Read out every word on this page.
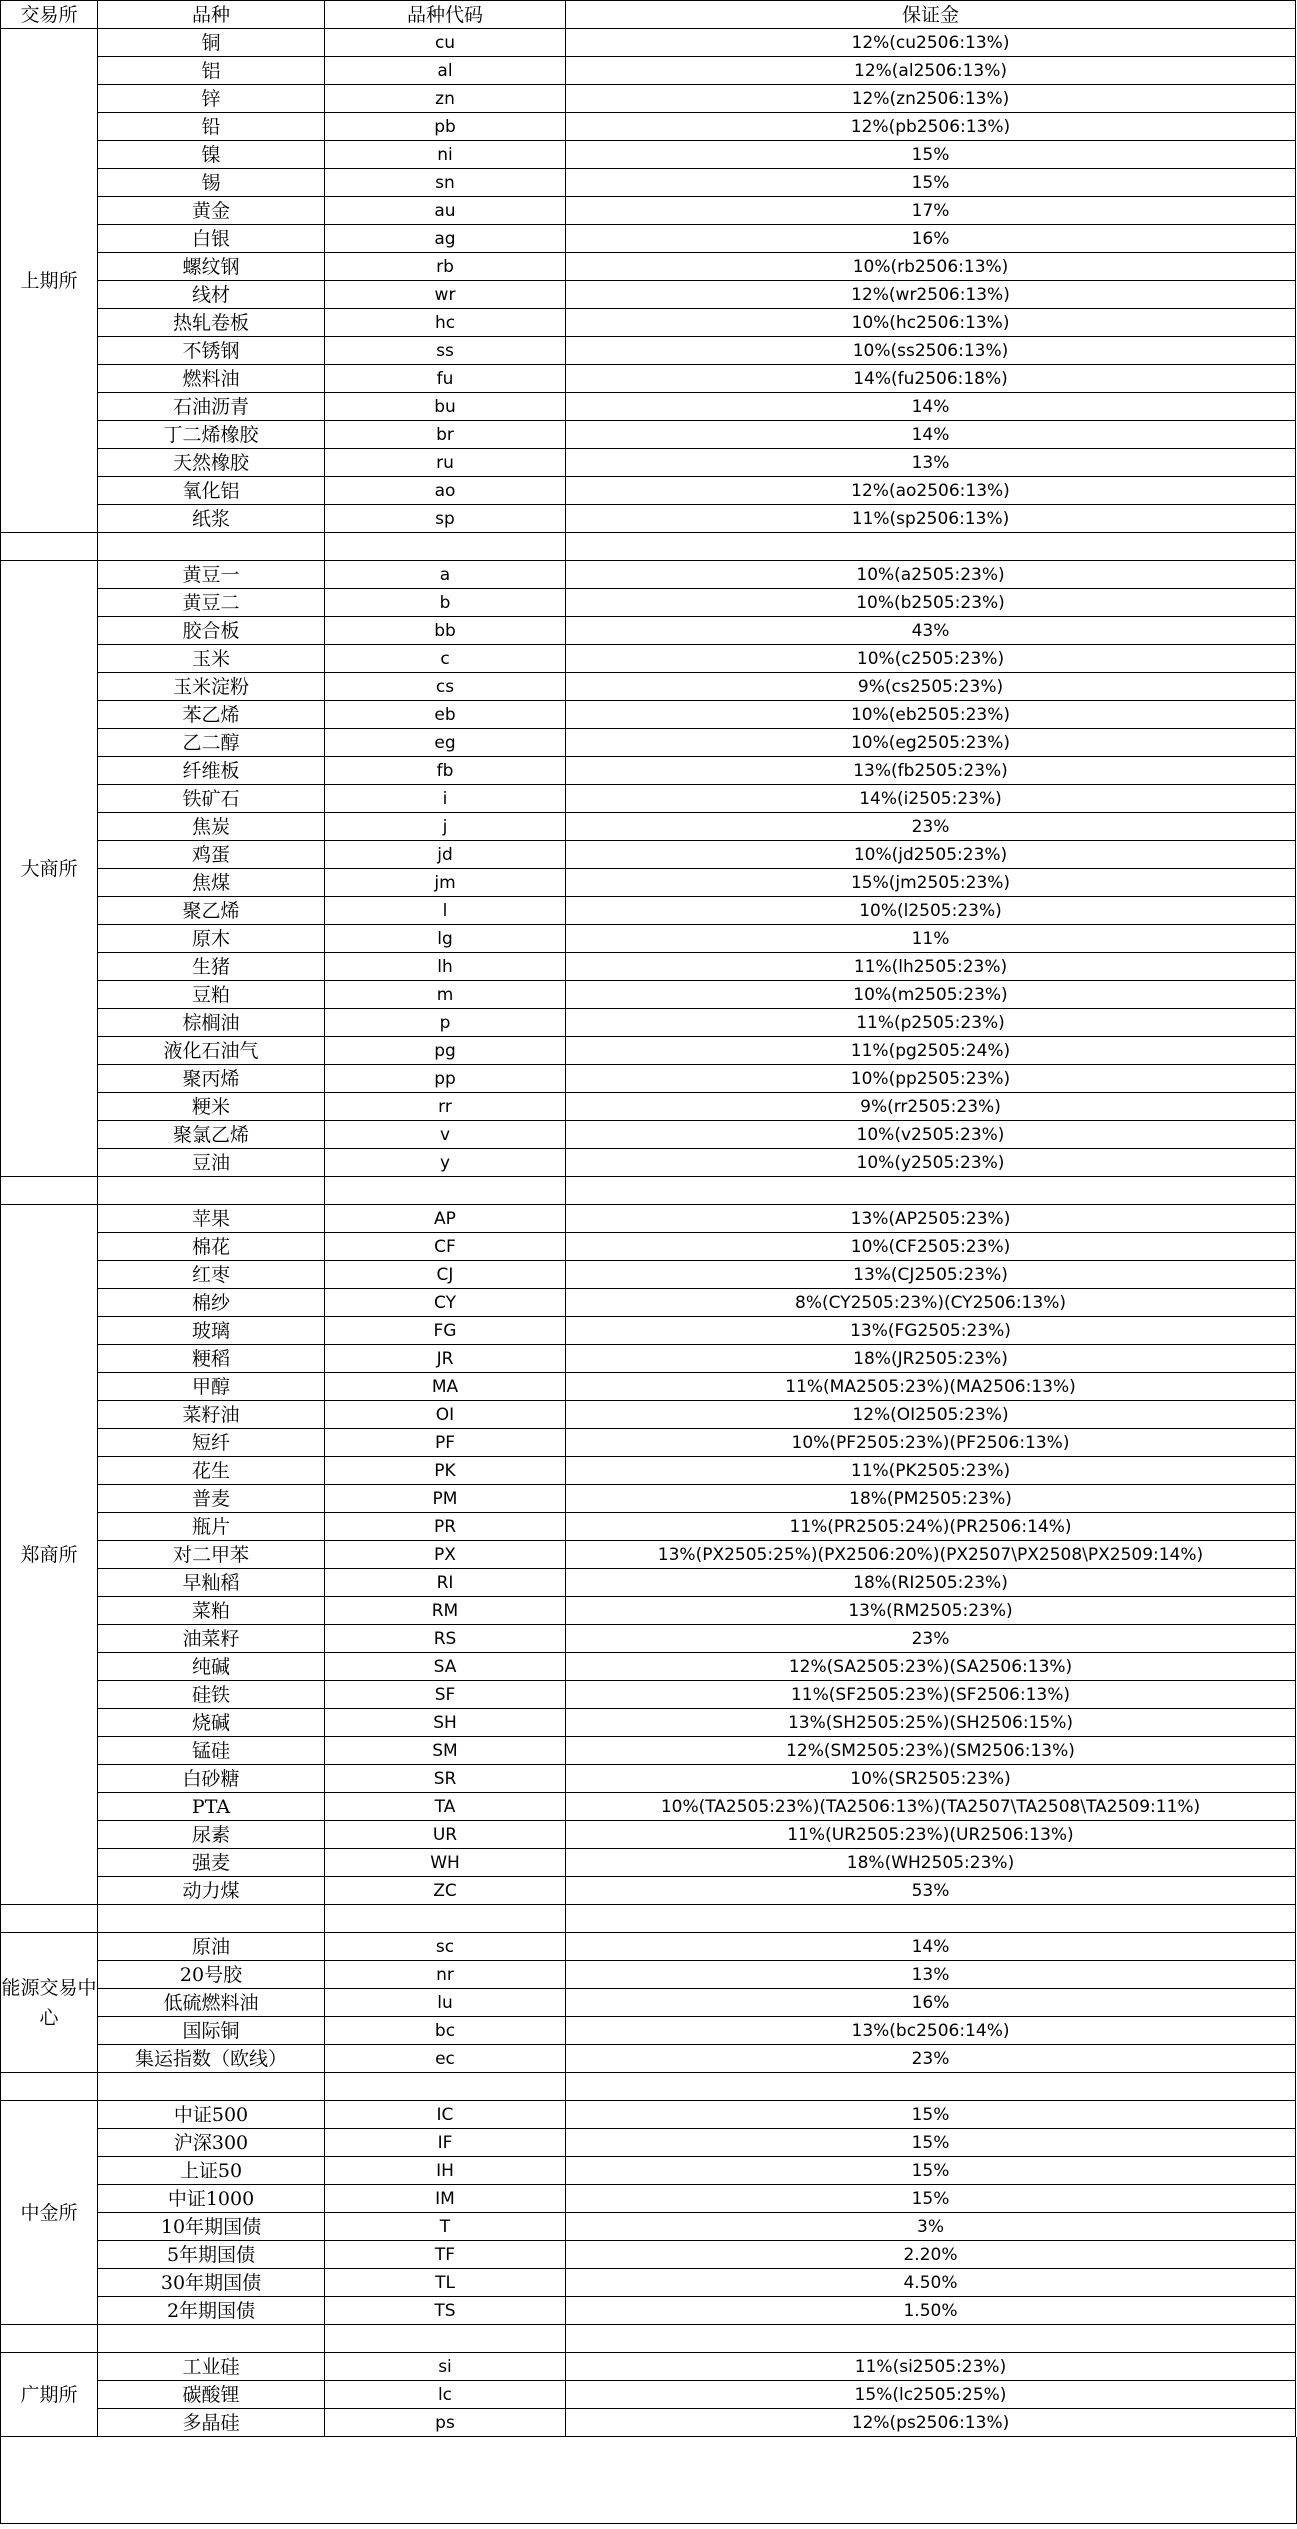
交易所	品种	品种代码	保证金
上期所	铜	cu	12%(cu2506:13%)
	铝	al	12%(al2506:13%)
	锌	zn	12%(zn2506:13%)
	铅	pb	12%(pb2506:13%)
	镍	ni	15%
	锡	sn	15%
	黄金	au	17%
	白银	ag	16%
	螺纹钢	rb	10%(rb2506:13%)
	线材	wr	12%(wr2506:13%)
	热轧卷板	hc	10%(hc2506:13%)
	不锈钢	ss	10%(ss2506:13%)
	燃料油	fu	14%(fu2506:18%)
	石油沥青	bu	14%
	丁二烯橡胶	br	14%
	天然橡胶	ru	13%
	氧化铝	ao	12%(ao2506:13%)
	纸浆	sp	11%(sp2506:13%)

大商所	黄豆一	a	10%(a2505:23%)
	黄豆二	b	10%(b2505:23%)
	胶合板	bb	43%
	玉米	c	10%(c2505:23%)
	玉米淀粉	cs	9%(cs2505:23%)
	苯乙烯	eb	10%(eb2505:23%)
	乙二醇	eg	10%(eg2505:23%)
	纤维板	fb	13%(fb2505:23%)
	铁矿石	i	14%(i2505:23%)
	焦炭	j	23%
	鸡蛋	jd	10%(jd2505:23%)
	焦煤	jm	15%(jm2505:23%)
	聚乙烯	l	10%(l2505:23%)
	原木	lg	11%
	生猪	lh	11%(lh2505:23%)
	豆粕	m	10%(m2505:23%)
	棕榈油	p	11%(p2505:23%)
	液化石油气	pg	11%(pg2505:24%)
	聚丙烯	pp	10%(pp2505:23%)
	粳米	rr	9%(rr2505:23%)
	聚氯乙烯	v	10%(v2505:23%)
	豆油	y	10%(y2505:23%)

郑商所	苹果	AP	13%(AP2505:23%)
	棉花	CF	10%(CF2505:23%)
	红枣	CJ	13%(CJ2505:23%)
	棉纱	CY	8%(CY2505:23%)(CY2506:13%)
	玻璃	FG	13%(FG2505:23%)
	粳稻	JR	18%(JR2505:23%)
	甲醇	MA	11%(MA2505:23%)(MA2506:13%)
	菜籽油	OI	12%(OI2505:23%)
	短纤	PF	10%(PF2505:23%)(PF2506:13%)
	花生	PK	11%(PK2505:23%)
	普麦	PM	18%(PM2505:23%)
	瓶片	PR	11%(PR2505:24%)(PR2506:14%)
	对二甲苯	PX	13%(PX2505:25%)(PX2506:20%)(PX2507\PX2508\PX2509:14%)
	早籼稻	RI	18%(RI2505:23%)
	菜粕	RM	13%(RM2505:23%)
	油菜籽	RS	23%
	纯碱	SA	12%(SA2505:23%)(SA2506:13%)
	硅铁	SF	11%(SF2505:23%)(SF2506:13%)
	烧碱	SH	13%(SH2505:25%)(SH2506:15%)
	锰硅	SM	12%(SM2505:23%)(SM2506:13%)
	白砂糖	SR	10%(SR2505:23%)
	PTA	TA	10%(TA2505:23%)(TA2506:13%)(TA2507\TA2508\TA2509:11%)
	尿素	UR	11%(UR2505:23%)(UR2506:13%)
	强麦	WH	18%(WH2505:23%)
	动力煤	ZC	53%

能源交易中心	原油	sc	14%
	20号胶	nr	13%
	低硫燃料油	lu	16%
	国际铜	bc	13%(bc2506:14%)
	集运指数（欧线）	ec	23%

中金所	中证500	IC	15%
	沪深300	IF	15%
	上证50	IH	15%
	中证1000	IM	15%
	10年期国债	T	3%
	5年期国债	TF	2.20%
	30年期国债	TL	4.50%
	2年期国债	TS	1.50%

广期所	工业硅	si	11%(si2505:23%)
	碳酸锂	lc	15%(lc2505:25%)
	多晶硅	ps	12%(ps2506:13%)
